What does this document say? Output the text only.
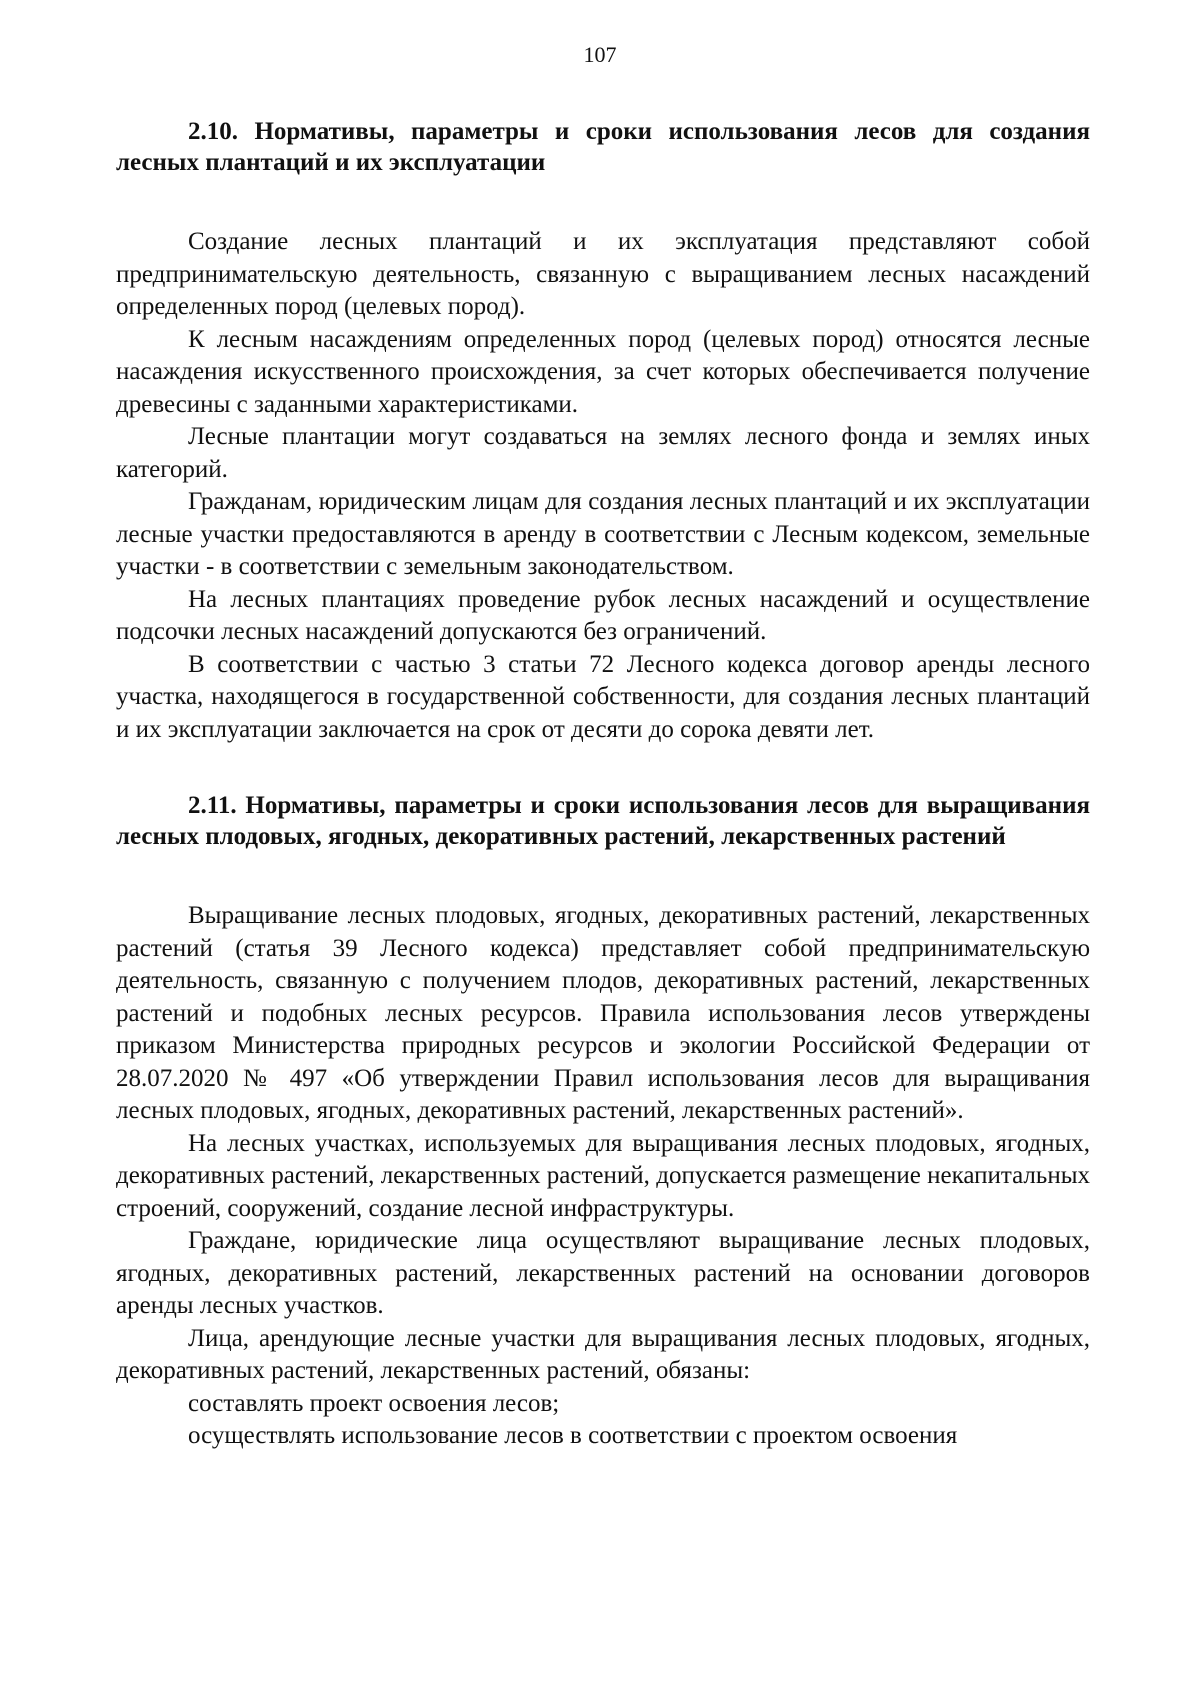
107

2.10. Нормативы, параметры и сроки использования лесов для создания лесных плантаций и их эксплуатации

Создание лесных плантаций и их эксплуатация представляют собой предпринимательскую деятельность, связанную с выращиванием лесных насаждений определенных пород (целевых пород).

К лесным насаждениям определенных пород (целевых пород) относятся лесные насаждения искусственного происхождения, за счет которых обеспечивается получение древесины с заданными характеристиками.

Лесные плантации могут создаваться на землях лесного фонда и землях иных категорий.

Гражданам, юридическим лицам для создания лесных плантаций и их эксплуатации лесные участки предоставляются в аренду в соответствии с Лесным кодексом, земельные участки - в соответствии с земельным законодательством.

На лесных плантациях проведение рубок лесных насаждений и осуществление подсочки лесных насаждений допускаются без ограничений.

В соответствии с частью 3 статьи 72 Лесного кодекса договор аренды лесного участка, находящегося в государственной собственности, для создания лесных плантаций и их эксплуатации заключается на срок от десяти до сорока девяти лет.

2.11. Нормативы, параметры и сроки использования лесов для выращивания лесных плодовых, ягодных, декоративных растений, лекарственных растений

Выращивание лесных плодовых, ягодных, декоративных растений, лекарственных растений (статья 39 Лесного кодекса) представляет собой предпринимательскую деятельность, связанную с получением плодов, декоративных растений, лекарственных растений и подобных лесных ресурсов. Правила использования лесов утверждены приказом Министерства природных ресурсов и экологии Российской Федерации от 28.07.2020 № 497 «Об утверждении Правил использования лесов для выращивания лесных плодовых, ягодных, декоративных растений, лекарственных растений».

На лесных участках, используемых для выращивания лесных плодовых, ягодных, декоративных растений, лекарственных растений, допускается размещение некапитальных строений, сооружений, создание лесной инфраструктуры.

Граждане, юридические лица осуществляют выращивание лесных плодовых, ягодных, декоративных растений, лекарственных растений на основании договоров аренды лесных участков.

Лица, арендующие лесные участки для выращивания лесных плодовых, ягодных, декоративных растений, лекарственных растений, обязаны:

составлять проект освоения лесов;

осуществлять использование лесов в соответствии с проектом освоения
